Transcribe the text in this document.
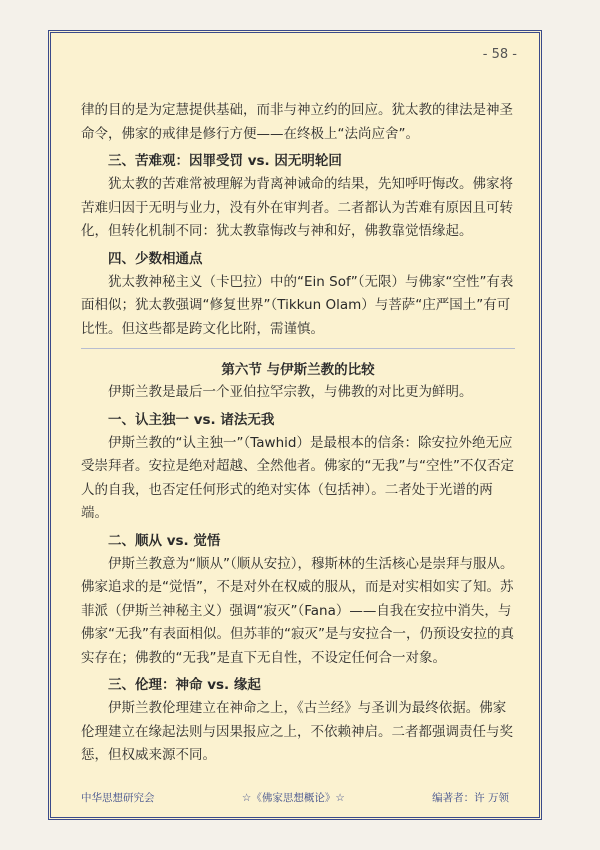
- 58 -

律的目的是为定慧提供基础，而非与神立约的回应。犹太教的律法是神圣命令，佛家的戒律是修行方便——在终极上“法尚应舍”。

三、苦难观：因罪受罚 vs. 因无明轮回

犹太教的苦难常被理解为背离神诫命的结果，先知呼吁悔改。佛家将苦难归因于无明与业力，没有外在审判者。二者都认为苦难有原因且可转化，但转化机制不同：犹太教靠悔改与神和好，佛教靠觉悟缘起。

四、少数相通点

犹太教神秘主义（卡巴拉）中的“Ein Sof”（无限）与佛家“空性”有表面相似；犹太教强调“修复世界”（Tikkun Olam）与菩萨“庄严国土”有可比性。但这些都是跨文化比附，需谨慎。

第六节 与伊斯兰教的比较

伊斯兰教是最后一个亚伯拉罕宗教，与佛教的对比更为鲜明。

一、认主独一 vs. 诸法无我

伊斯兰教的“认主独一”（Tawhid）是最根本的信条：除安拉外绝无应受崇拜者。安拉是绝对超越、全然他者。佛家的“无我”与“空性”不仅否定人的自我，也否定任何形式的绝对实体（包括神）。二者处于光谱的两端。

二、顺从 vs. 觉悟

伊斯兰教意为“顺从”（顺从安拉），穆斯林的生活核心是崇拜与服从。佛家追求的是“觉悟”，不是对外在权威的服从，而是对实相如实了知。苏菲派（伊斯兰神秘主义）强调“寂灭”（Fana）——自我在安拉中消失，与佛家“无我”有表面相似。但苏菲的“寂灭”是与安拉合一，仍预设安拉的真实存在；佛教的“无我”是直下无自性，不设定任何合一对象。

三、伦理：神命 vs. 缘起

伊斯兰教伦理建立在神命之上，《古兰经》与圣训为最终依据。佛家伦理建立在缘起法则与因果报应之上，不依赖神启。二者都强调责任与奖惩，但权威来源不同。

中华思想研究会	☆《佛家思想概论》☆	编著者：许 万领
